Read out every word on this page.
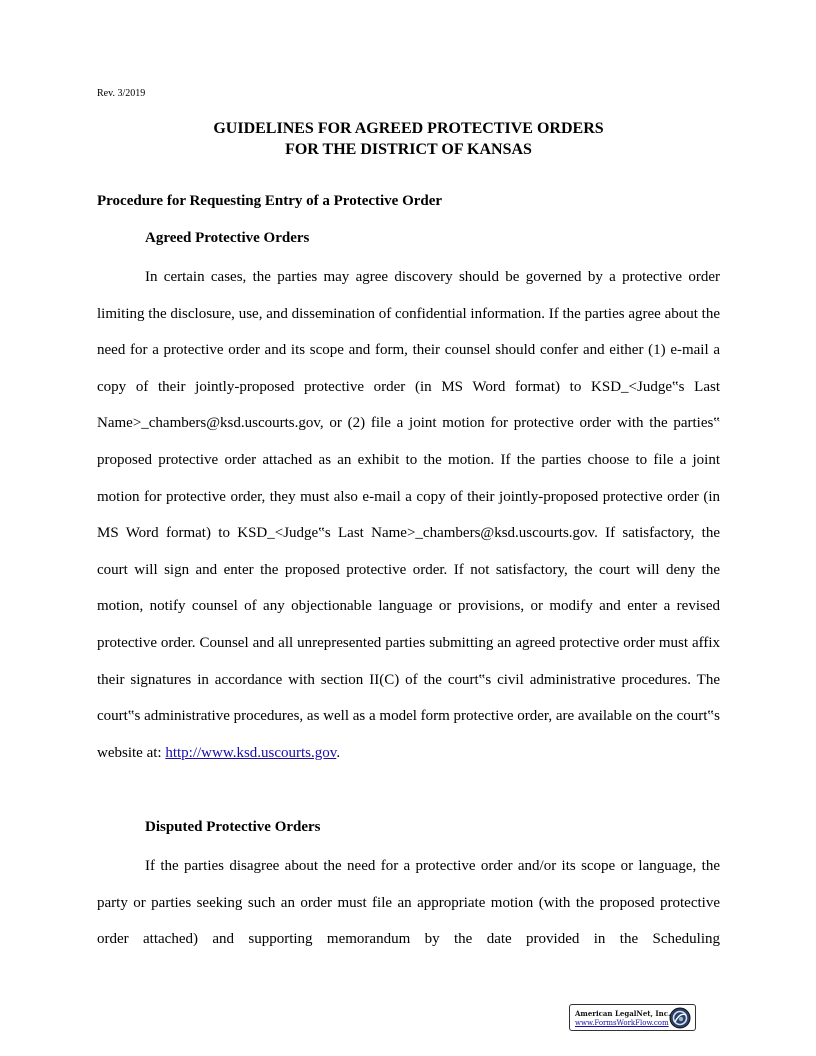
Rev. 3/2019
GUIDELINES FOR AGREED PROTECTIVE ORDERS
FOR THE DISTRICT OF KANSAS
Procedure for Requesting Entry of a Protective Order
Agreed Protective Orders
In certain cases, the parties may agree discovery should be governed by a protective order limiting the disclosure, use, and dissemination of confidential information. If the parties agree about the need for a protective order and its scope and form, their counsel should confer and either (1) e-mail a copy of their jointly-proposed protective order (in MS Word format) to KSD_<Judge‟s Last Name>_chambers@ksd.uscourts.gov, or (2) file a joint motion for protective order with the parties‟ proposed protective order attached as an exhibit to the motion. If the parties choose to file a joint motion for protective order, they must also e-mail a copy of their jointly-proposed protective order (in MS Word format) to KSD_<Judge‟s Last Name>_chambers@ksd.uscourts.gov. If satisfactory, the court will sign and enter the proposed protective order. If not satisfactory, the court will deny the motion, notify counsel of any objectionable language or provisions, or modify and enter a revised protective order. Counsel and all unrepresented parties submitting an agreed protective order must affix their signatures in accordance with section II(C) of the court‟s civil administrative procedures. The court‟s administrative procedures, as well as a model form protective order, are available on the court‟s
website at: http://www.ksd.uscourts.gov.
Disputed Protective Orders
If the parties disagree about the need for a protective order and/or its scope or language, the party or parties seeking such an order must file an appropriate motion (with the proposed protective order attached) and supporting memorandum by the date provided in the Scheduling
American LegalNet, Inc.
www.FormsWorkFlow.com
